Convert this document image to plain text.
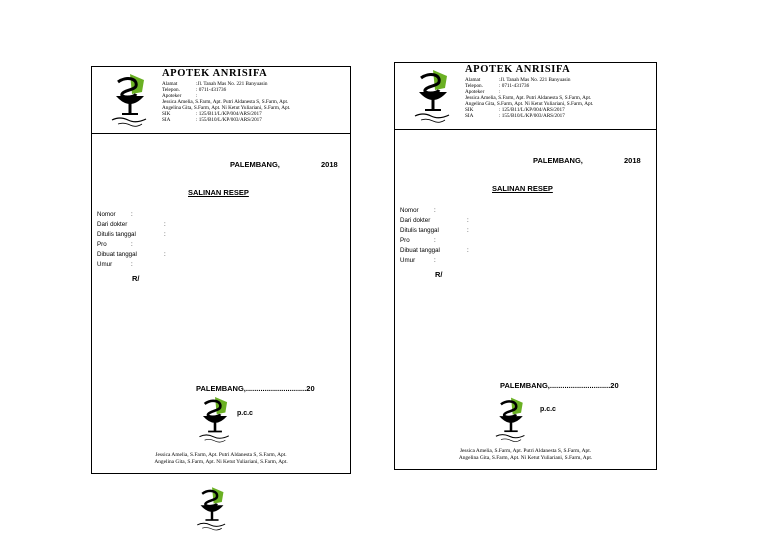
APOTEK ANRISIFA
Alamat	:Jl. Tanah Mas No. 221 Banyuasin
Telepon.	: 0711-431736
Apoteker	:
Jessica Amelia, S.Farm, Apt. Putri Aldanesta S, S.Farm, Apt.
Angelina Gita, S.Farm, Apt. Ni Ketut Yuliariani, S.Farm, Apt.
SIK	: 125/B11/L/KP/004/ARS/2017
SIA	: 155/B10/L/KP/003/ARS/2017
PALEMBANG,	2018
SALINAN RESEP
Nomor :
Dari dokter	:
Ditulis tanggal	:
Pro	:
Dibuat tanggal	:
Umur	:
R/
PALEMBANG,.............................20
p.c.c
Jessica Amelia, S.Farm, Apt. Putri Aldanesta S, S.Farm, Apt.
Angelina Gita, S.Farm, Apt. Ni Ketut Yuliariani, S.Farm, Apt.
APOTEK ANRISIFA
Alamat	:Jl. Tanah Mas No. 221 Banyuasin
Telepon.	: 0711-431736
Apoteker	:
Jessica Amelia, S.Farm, Apt. Putri Aldanesta S, S.Farm, Apt.
Angelina Gita, S.Farm, Apt. Ni Ketut Yuliariani, S.Farm, Apt.
SIK	: 125/B11/L/KP/004/ARS/2017
SIA	: 155/B10/L/KP/003/ARS/2017
PALEMBANG,	2018
SALINAN RESEP
Nomor :
Dari dokter	:
Ditulis tanggal	:
Pro	:
Dibuat tanggal	:
Umur	:
R/
PALEMBANG,.............................20
p.c.c
Jessica Amelia, S.Farm, Apt. Putri Aldanesta S, S.Farm, Apt.
Angelina Gita, S.Farm, Apt. Ni Ketut Yuliariani, S.Farm, Apt.
